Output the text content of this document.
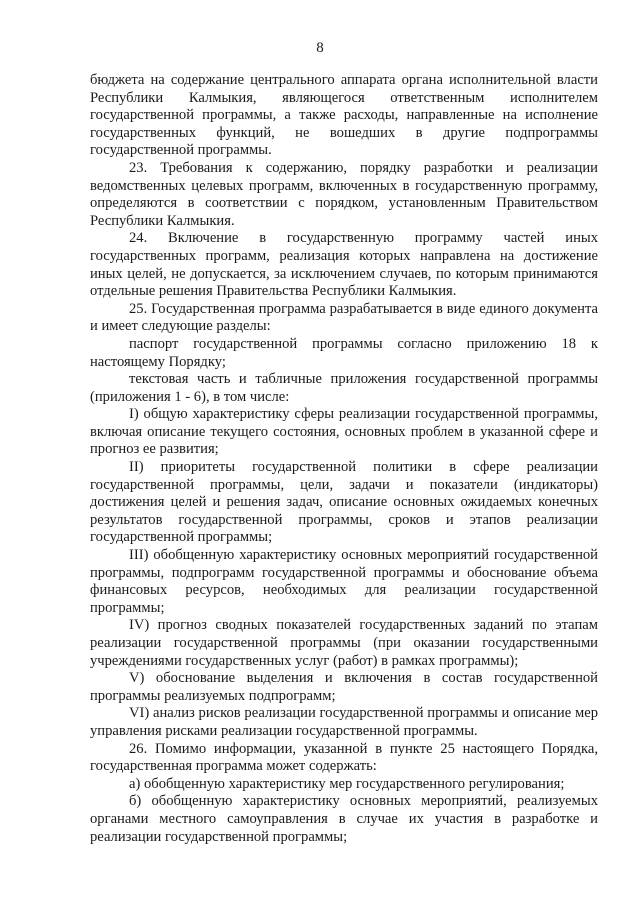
8

бюджета на содержание центрального аппарата органа исполнительной власти Республики Калмыкия, являющегося ответственным исполнителем государственной программы, а также расходы, направленные на исполнение государственных функций, не вошедших в другие подпрограммы государственной программы.

23. Требования к содержанию, порядку разработки и реализации ведомственных целевых программ, включенных в государственную программу, определяются в соответствии с порядком, установленным Правительством Республики Калмыкия.

24. Включение в государственную программу частей иных государственных программ, реализация которых направлена на достижение иных целей, не допускается, за исключением случаев, по которым принимаются отдельные решения Правительства Республики Калмыкия.

25. Государственная программа разрабатывается в виде единого документа и имеет следующие разделы:

паспорт государственной программы согласно приложению 18 к настоящему Порядку;

текстовая часть и табличные приложения государственной программы (приложения 1 - 6), в том числе:

I) общую характеристику сферы реализации государственной программы, включая описание текущего состояния, основных проблем в указанной сфере и прогноз ее развития;

II) приоритеты государственной политики в сфере реализации государственной программы, цели, задачи и показатели (индикаторы) достижения целей и решения задач, описание основных ожидаемых конечных результатов государственной программы, сроков и этапов реализации государственной программы;

III) обобщенную характеристику основных мероприятий государственной программы, подпрограмм государственной программы и обоснование объема финансовых ресурсов, необходимых для реализации государственной программы;

IV) прогноз сводных показателей государственных заданий по этапам реализации государственной программы (при оказании государственными учреждениями государственных услуг (работ) в рамках программы);

V) обоснование выделения и включения в состав государственной программы реализуемых подпрограмм;

VI) анализ рисков реализации государственной программы и описание мер управления рисками реализации государственной программы.

26. Помимо информации, указанной в пункте 25 настоящего Порядка, государственная программа может содержать:

а) обобщенную характеристику мер государственного регулирования;

б) обобщенную характеристику основных мероприятий, реализуемых органами местного самоуправления в случае их участия в разработке и реализации государственной программы;
